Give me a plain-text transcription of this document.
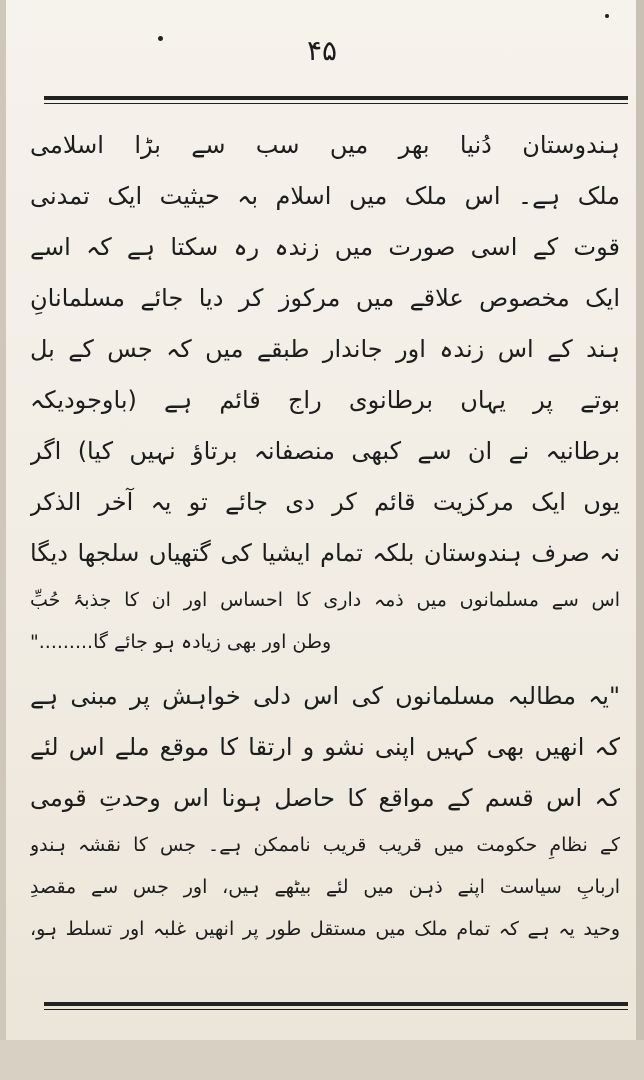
۴۵
ہندوستان دُنیا بھر میں سب سے بڑا اسلامی
ملک ہے۔ اس ملک میں اسلام بہ حیثیت ایک تمدنی
قوت کے اسی صورت میں زندہ رہ سکتا ہے کہ اسے
ایک مخصوص علاقے میں مرکوز کر دیا جائے مسلمانانِ
ہند کے اس زندہ اور جاندار طبقے میں کہ جس کے بل
بوتے پر یہاں برطانوی راج قائم ہے (باوجودیکہ
برطانیہ نے ان سے کبھی منصفانہ برتاؤ نہیں کیا) اگر
یوں ایک مرکزیت قائم کر دی جائے تو یہ آخر الذکر
نہ صرف ہندوستان بلکہ تمام ایشیا کی گتھیاں سلجھا دیگا
اس سے مسلمانوں میں ذمہ داری کا احساس اور ان کا جذبۂ حُبِّ
وطن اور بھی زیادہ ہو جائے گا........."
"یہ مطالبہ مسلمانوں کی اس دلی خواہش پر مبنی ہے
کہ انھیں بھی کہیں اپنی نشو و ارتقا کا موقع ملے اس لئے
کہ اس قسم کے مواقع کا حاصل ہونا اس وحدتِ قومی
کے نظامِ حکومت میں قریب قریب ناممکن ہے۔ جس کا نقشہ ہندو
اربابِ سیاست اپنے ذہن میں لئے بیٹھے ہیں، اور جس سے مقصدِ
وحید یہ ہے کہ تمام ملک میں مستقل طور پر انھیں غلبہ اور تسلط ہو،
